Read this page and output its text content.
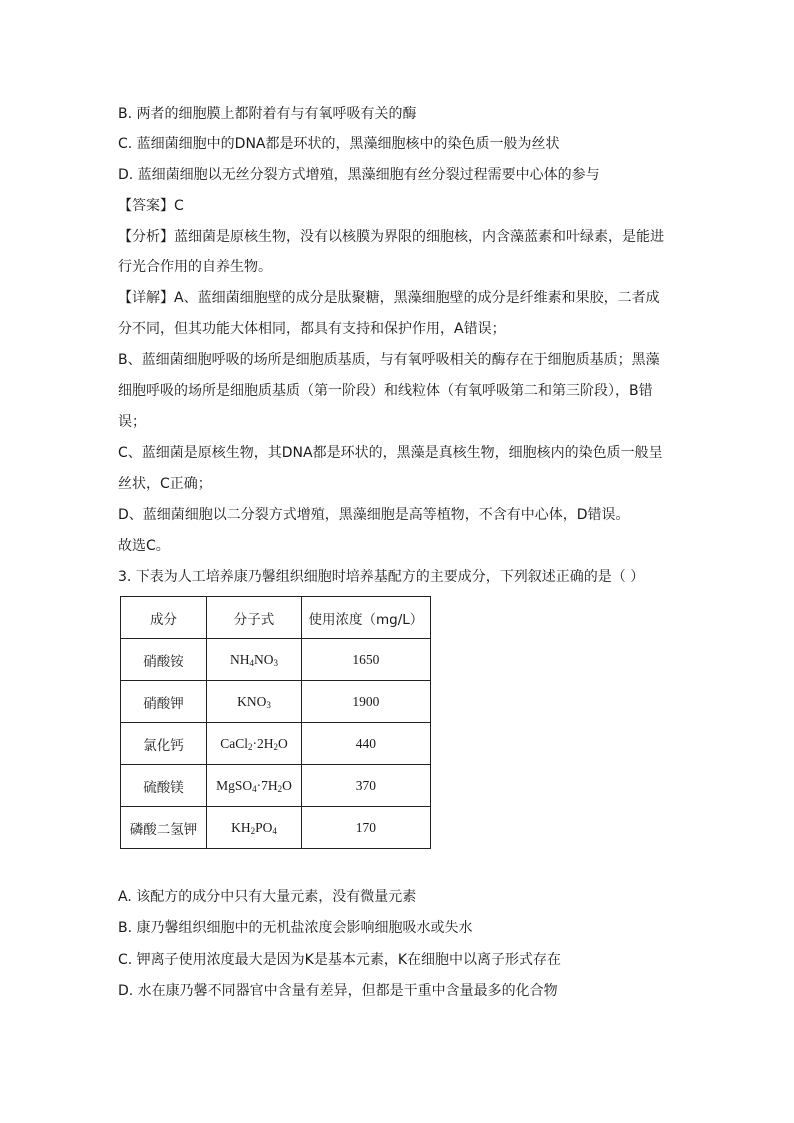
B. 两者的细胞膜上都附着有与有氧呼吸有关的酶
C. 蓝细菌细胞中的DNA都是环状的，黑藻细胞核中的染色质一般为丝状
D. 蓝细菌细胞以无丝分裂方式增殖，黑藻细胞有丝分裂过程需要中心体的参与
【答案】C
【分析】蓝细菌是原核生物，没有以核膜为界限的细胞核，内含藻蓝素和叶绿素，是能进
行光合作用的自养生物。
【详解】A、蓝细菌细胞壁的成分是肽聚糖，黑藻细胞壁的成分是纤维素和果胶，二者成
分不同，但其功能大体相同，都具有支持和保护作用，A错误；
B、蓝细菌细胞呼吸的场所是细胞质基质，与有氧呼吸相关的酶存在于细胞质基质；黑藻
细胞呼吸的场所是细胞质基质（第一阶段）和线粒体（有氧呼吸第二和第三阶段），B错
误；
C、蓝细菌是原核生物，其DNA都是环状的，黑藻是真核生物，细胞核内的染色质一般呈
丝状，C正确；
D、蓝细菌细胞以二分裂方式增殖，黑藻细胞是高等植物，不含有中心体，D错误。
故选C。
3. 下表为人工培养康乃馨组织细胞时培养基配方的主要成分，下列叙述正确的是（ ）
成分	分子式	使用浓度（mg/L）
硝酸铵	$NH_4NO_3$	1650
硝酸钾	$KNO_3$	1900
氯化钙	$CaCl_2\cdot 2H_2O$	440
硫酸镁	$MgSO_4\cdot 7H_2O$	370
磷酸二氢钾	$KH_2PO_4$	170
A. 该配方的成分中只有大量元素，没有微量元素
B. 康乃馨组织细胞中的无机盐浓度会影响细胞吸水或失水
C. 钾离子使用浓度最大是因为K是基本元素，K在细胞中以离子形式存在
D. 水在康乃馨不同器官中含量有差异，但都是干重中含量最多的化合物
